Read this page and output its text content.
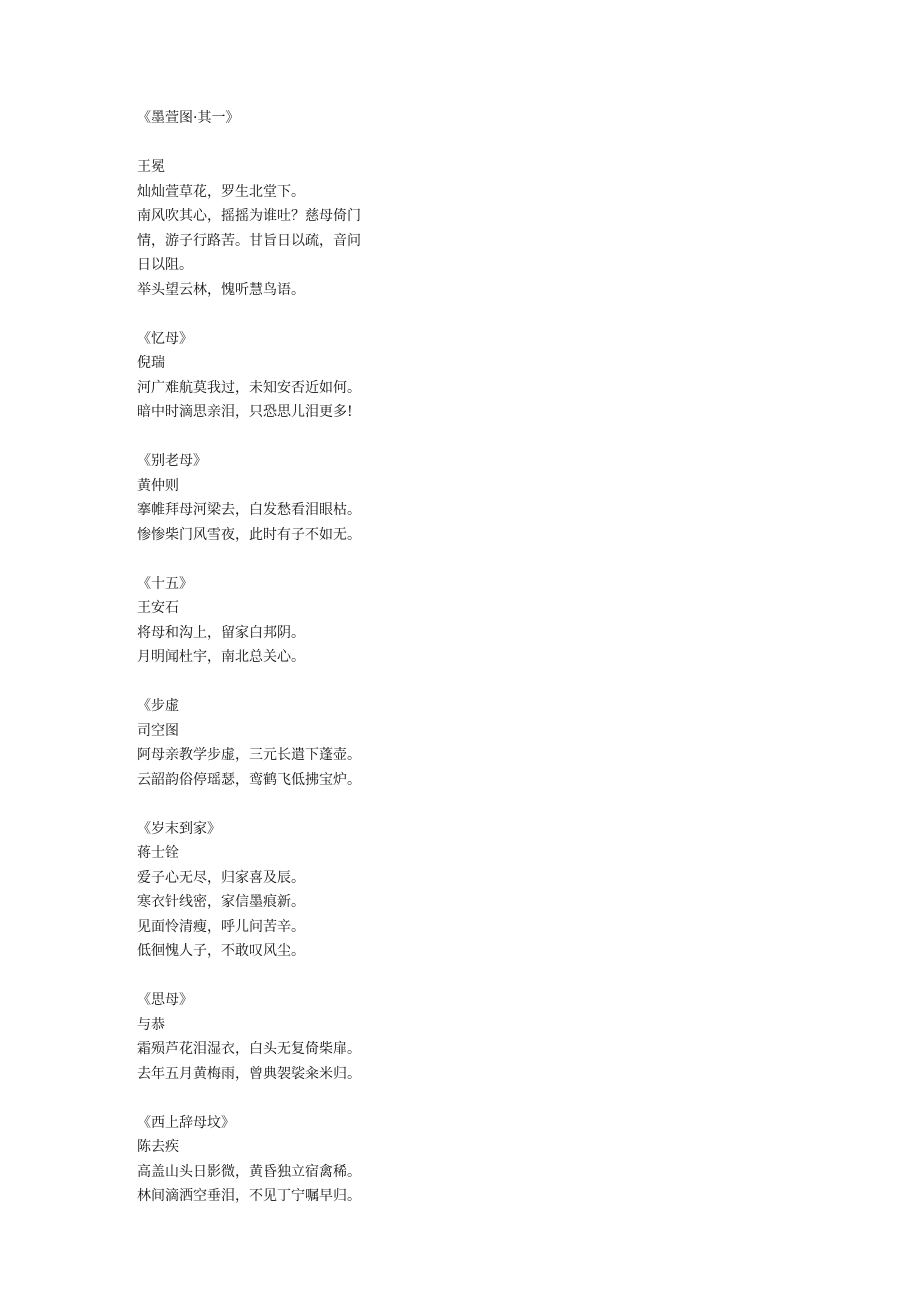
《墨萱图·其一》
王冕
灿灿萱草花，罗生北堂下。
南风吹其心，摇摇为谁吐？慈母倚门
情，游子行路苦。甘旨日以疏，音问
日以阻。
举头望云林，愧听慧鸟语。
《忆母》
倪瑞
河广难航莫我过，未知安否近如何。
暗中时滴思亲泪，只恐思儿泪更多!
《别老母》
黄仲则
搴帷拜母河梁去，白发愁看泪眼枯。
惨惨柴门风雪夜，此时有子不如无。
《十五》
王安石
将母和沟上，留家白邦阴。
月明闻杜宇，南北总关心。
《步虚
司空图
阿母亲教学步虚，三元长遣下蓬壶。
云韶韵俗停瑶瑟，鸾鹤飞低拂宝炉。
《岁末到家》
蒋士铨
爱子心无尽，归家喜及辰。
寒衣针线密，家信墨痕新。
见面怜清瘦，呼儿问苦辛。
低徊愧人子，不敢叹风尘。
《思母》
与恭
霜殒芦花泪湿衣，白头无复倚柴扉。
去年五月黄梅雨，曾典袈裟籴米归。
《西上辞母坟》
陈去疾
高盖山头日影微，黄昏独立宿禽稀。
林间滴洒空垂泪，不见丁宁嘱早归。
